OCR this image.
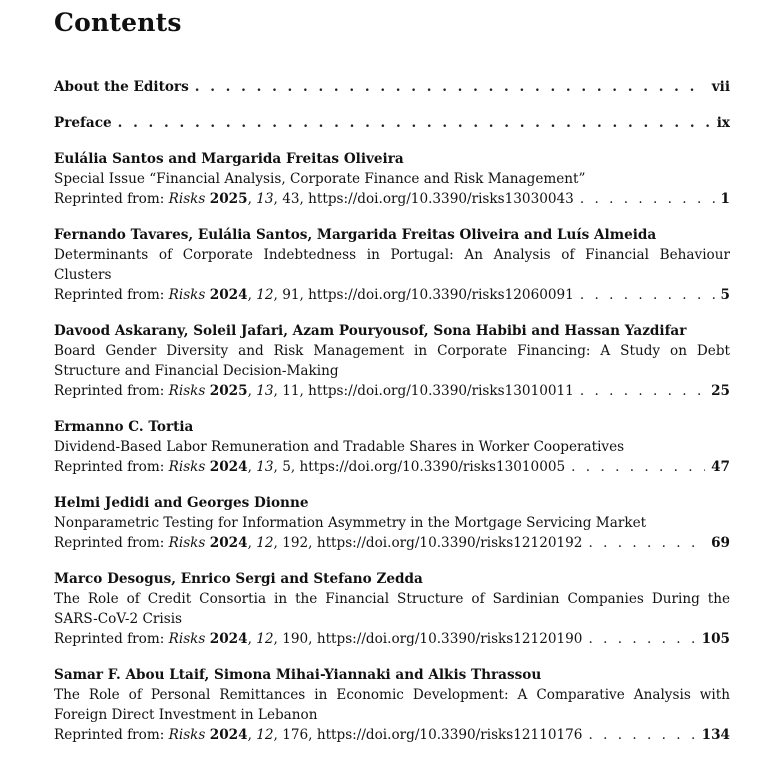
Contents
About the Editors . . .	vii
Preface . . .	ix
Eulália Santos and Margarida Freitas Oliveira
Special Issue “Financial Analysis, Corporate Finance and Risk Management”
Reprinted from: Risks 2025, 13, 43, https://doi.org/10.3390/risks13030043 . . .	1
Fernando Tavares, Eulália Santos, Margarida Freitas Oliveira and Luís Almeida
Determinants of Corporate Indebtedness in Portugal: An Analysis of Financial Behaviour
Clusters
Reprinted from: Risks 2024, 12, 91, https://doi.org/10.3390/risks12060091 . . .	5
Davood Askarany, Soleil Jafari, Azam Pouryousof, Sona Habibi and Hassan Yazdifar
Board Gender Diversity and Risk Management in Corporate Financing: A Study on Debt
Structure and Financial Decision-Making
Reprinted from: Risks 2025, 13, 11, https://doi.org/10.3390/risks13010011 . . .	25
Ermanno C. Tortia
Dividend-Based Labor Remuneration and Tradable Shares in Worker Cooperatives
Reprinted from: Risks 2024, 13, 5, https://doi.org/10.3390/risks13010005 . . .	47
Helmi Jedidi and Georges Dionne
Nonparametric Testing for Information Asymmetry in the Mortgage Servicing Market
Reprinted from: Risks 2024, 12, 192, https://doi.org/10.3390/risks12120192 . . .	69
Marco Desogus, Enrico Sergi and Stefano Zedda
The Role of Credit Consortia in the Financial Structure of Sardinian Companies During the
SARS-CoV-2 Crisis
Reprinted from: Risks 2024, 12, 190, https://doi.org/10.3390/risks12120190 . . .	105
Samar F. Abou Ltaif, Simona Mihai-Yiannaki and Alkis Thrassou
The Role of Personal Remittances in Economic Development: A Comparative Analysis with
Foreign Direct Investment in Lebanon
Reprinted from: Risks 2024, 12, 176, https://doi.org/10.3390/risks12110176 . . .	134
